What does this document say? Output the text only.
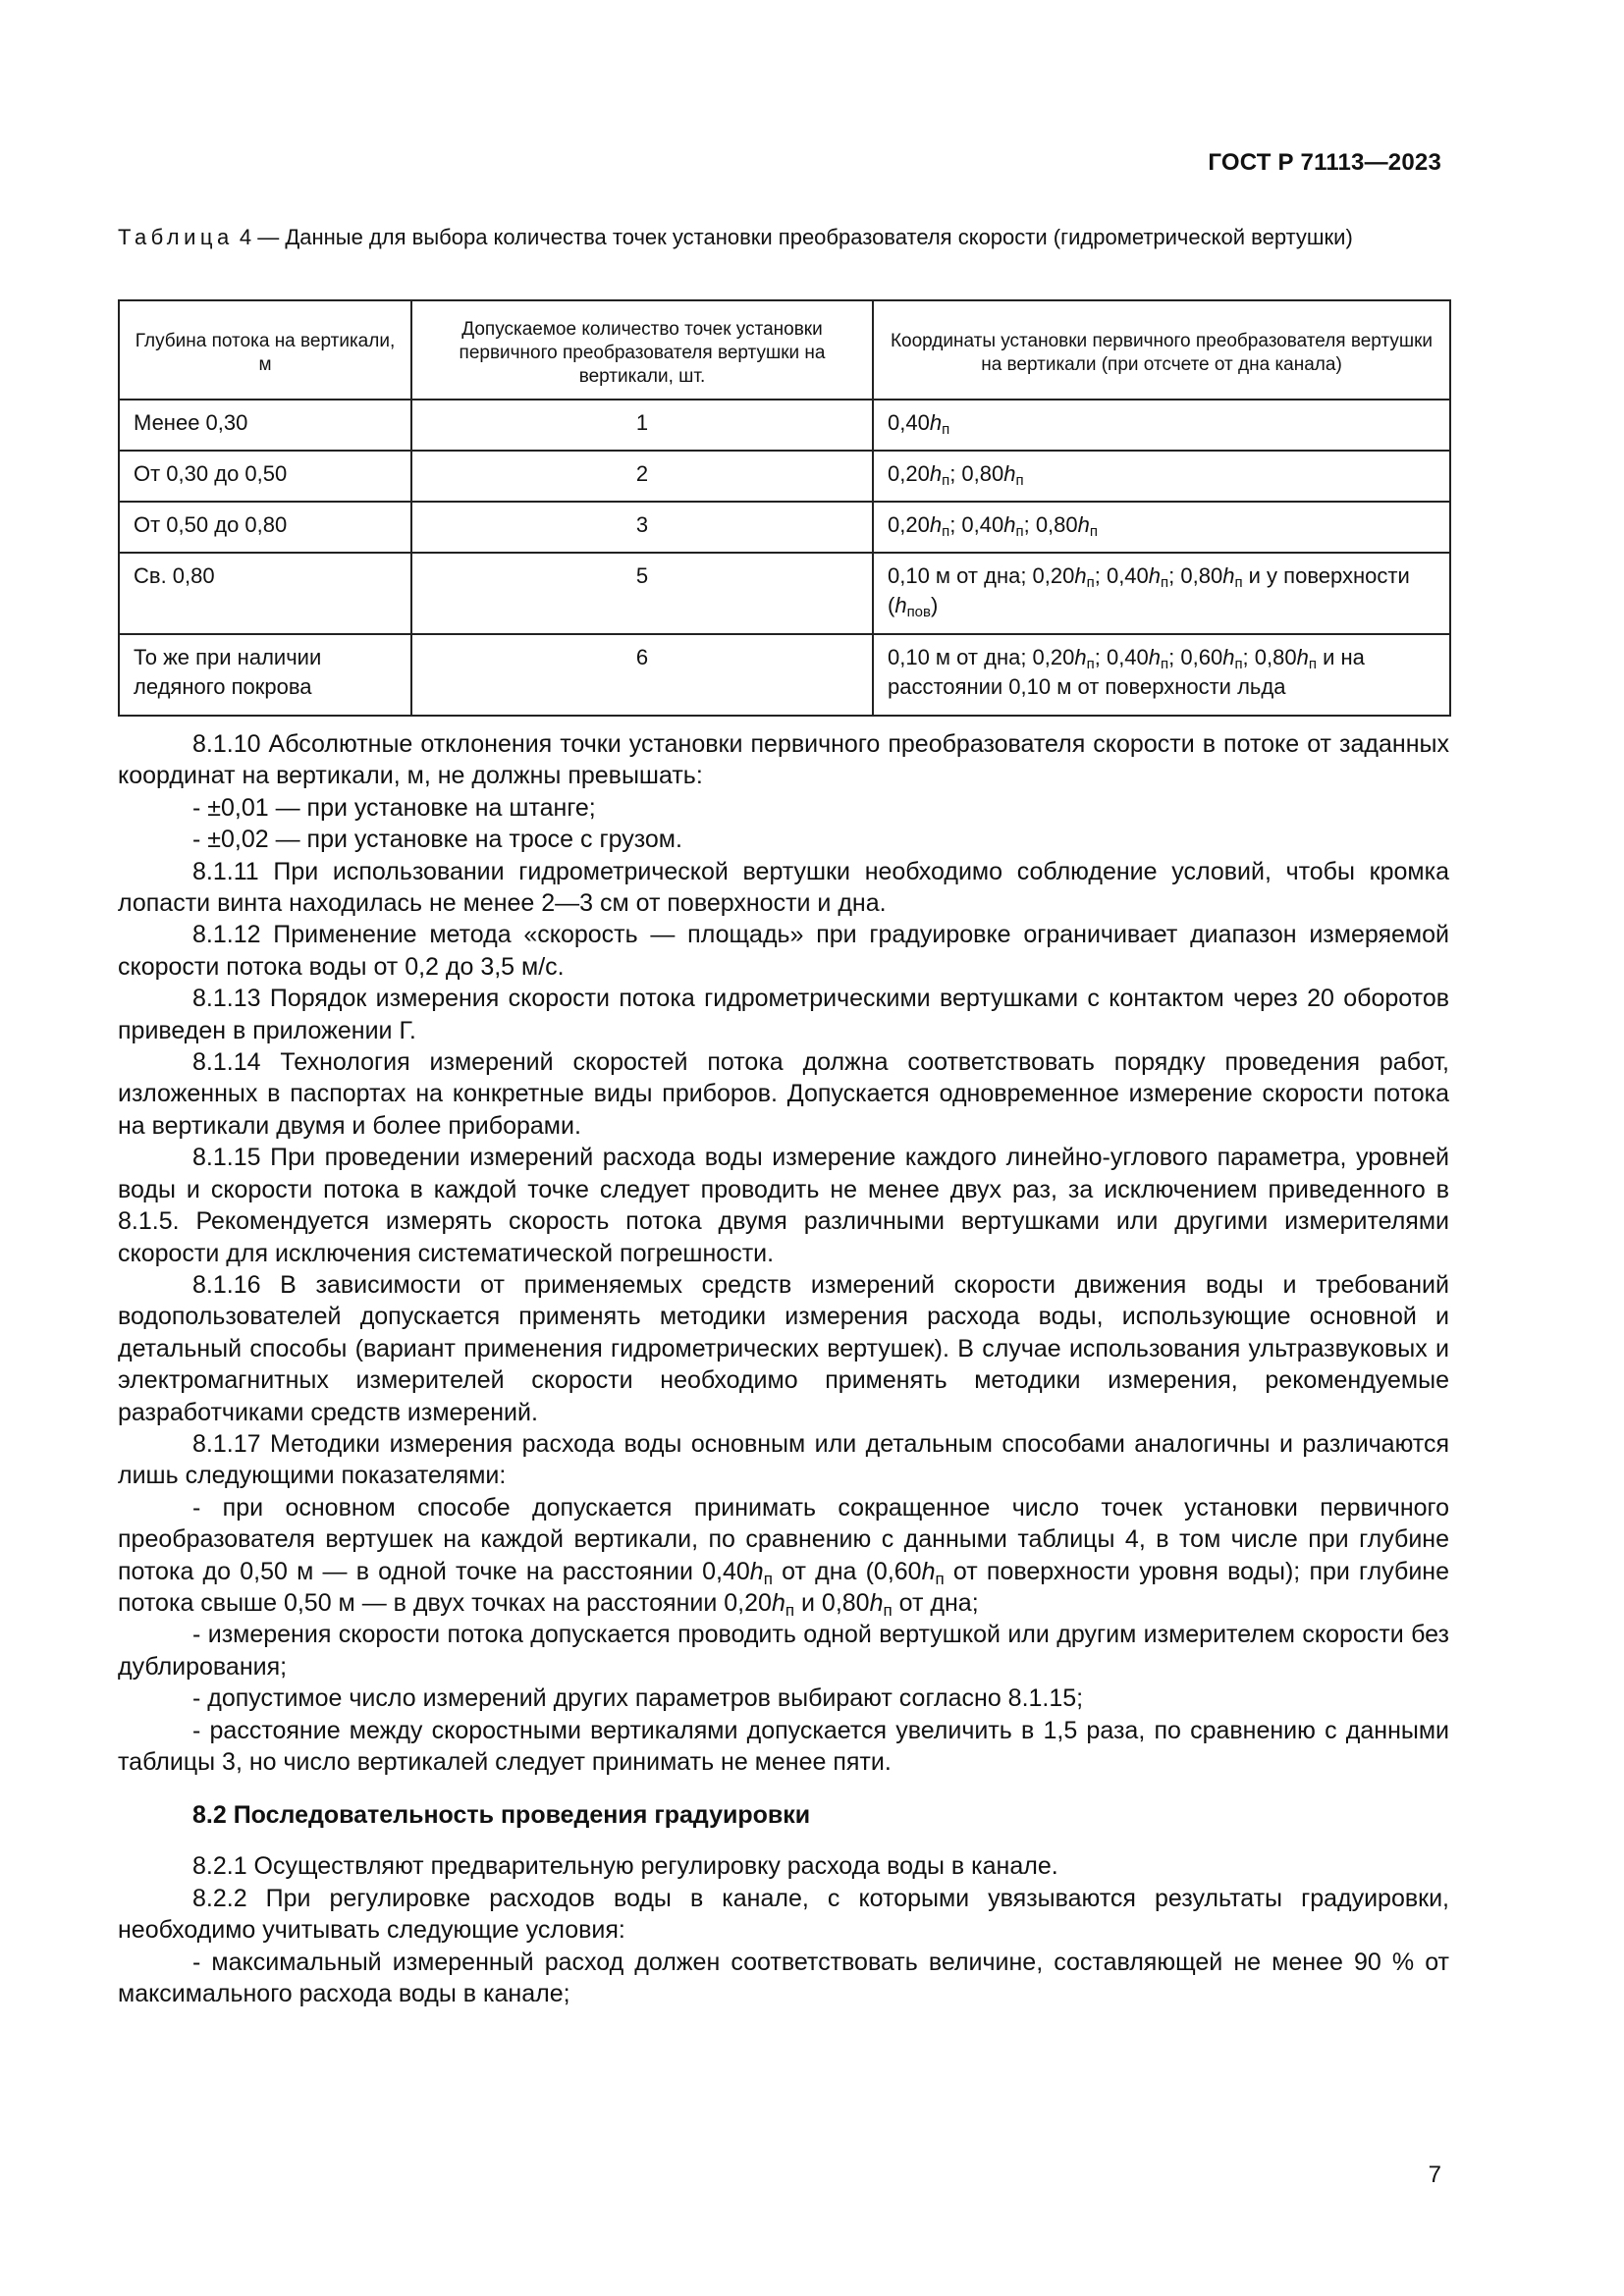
ГОСТ Р 71113—2023
Таблица 4 — Данные для выбора количества точек установки преобразователя скорости (гидрометрической вертушки)
Глубина потока на вертикали, м	Допускаемое количество точек установки первичного преобразователя вертушки на вертикали, шт.	Координаты установки первичного преобразователя вертушки на вертикали (при отсчете от дна канала)
Менее 0,30	1	$0,40h_п$
От 0,30 до 0,50	2	$0,20h_п$; $0,80h_п$
От 0,50 до 0,80	3	$0,20h_п$; $0,40h_п$; $0,80h_п$
Св. 0,80	5	0,10 м от дна; $0,20h_п$; $0,40h_п$; $0,80h_п$ и у поверхности $(h_{пов})$
То же при наличии ледяного покрова	6	0,10 м от дна; $0,20h_п$; $0,40h_п$; $0,60h_п$; $0,80h_п$ и на расстоянии 0,10 м от поверхности льда

8.1.10 Абсолютные отклонения точки установки первичного преобразователя скорости в потоке от заданных координат на вертикали, м, не должны превышать:

- ±0,01 — при установке на штанге;

- ±0,02 — при установке на тросе с грузом.

8.1.11 При использовании гидрометрической вертушки необходимо соблюдение условий, чтобы кромка лопасти винта находилась не менее 2—3 см от поверхности и дна.

8.1.12 Применение метода «скорость — площадь» при градуировке ограничивает диапазон измеряемой скорости потока воды от 0,2 до 3,5 м/с.

8.1.13 Порядок измерения скорости потока гидрометрическими вертушками с контактом через 20 оборотов приведен в приложении Г.

8.1.14 Технология измерений скоростей потока должна соответствовать порядку проведения работ, изложенных в паспортах на конкретные виды приборов. Допускается одновременное измерение скорости потока на вертикали двумя и более приборами.

8.1.15 При проведении измерений расхода воды измерение каждого линейно-углового параметра, уровней воды и скорости потока в каждой точке следует проводить не менее двух раз, за исключением приведенного в 8.1.5. Рекомендуется измерять скорость потока двумя различными вертушками или другими измерителями скорости для исключения систематической погрешности.

8.1.16 В зависимости от применяемых средств измерений скорости движения воды и требований водопользователей допускается применять методики измерения расхода воды, использующие основной и детальный способы (вариант применения гидрометрических вертушек). В случае использования ультразвуковых и электромагнитных измерителей скорости необходимо применять методики измерения, рекомендуемые разработчиками средств измерений.

8.1.17 Методики измерения расхода воды основным или детальным способами аналогичны и различаются лишь следующими показателями:

- при основном способе допускается принимать сокращенное число точек установки первичного преобразователя вертушек на каждой вертикали, по сравнению с данными таблицы 4, в том числе при глубине потока до 0,50 м — в одной точке на расстоянии $0,40h_п$ от дна ($0,60h_п$ от поверхности уровня воды); при глубине потока свыше 0,50 м — в двух точках на расстоянии $0,20h_п$ и $0,80h_п$ от дна;

- измерения скорости потока допускается проводить одной вертушкой или другим измерителем скорости без дублирования;

- допустимое число измерений других параметров выбирают согласно 8.1.15;

- расстояние между скоростными вертикалями допускается увеличить в 1,5 раза, по сравнению с данными таблицы 3, но число вертикалей следует принимать не менее пяти.

8.2 Последовательность проведения градуировки

8.2.1 Осуществляют предварительную регулировку расхода воды в канале.

8.2.2 При регулировке расходов воды в канале, с которыми увязываются результаты градуировки, необходимо учитывать следующие условия:

- максимальный измеренный расход должен соответствовать величине, составляющей не менее 90 % от максимального расхода воды в канале;

7
